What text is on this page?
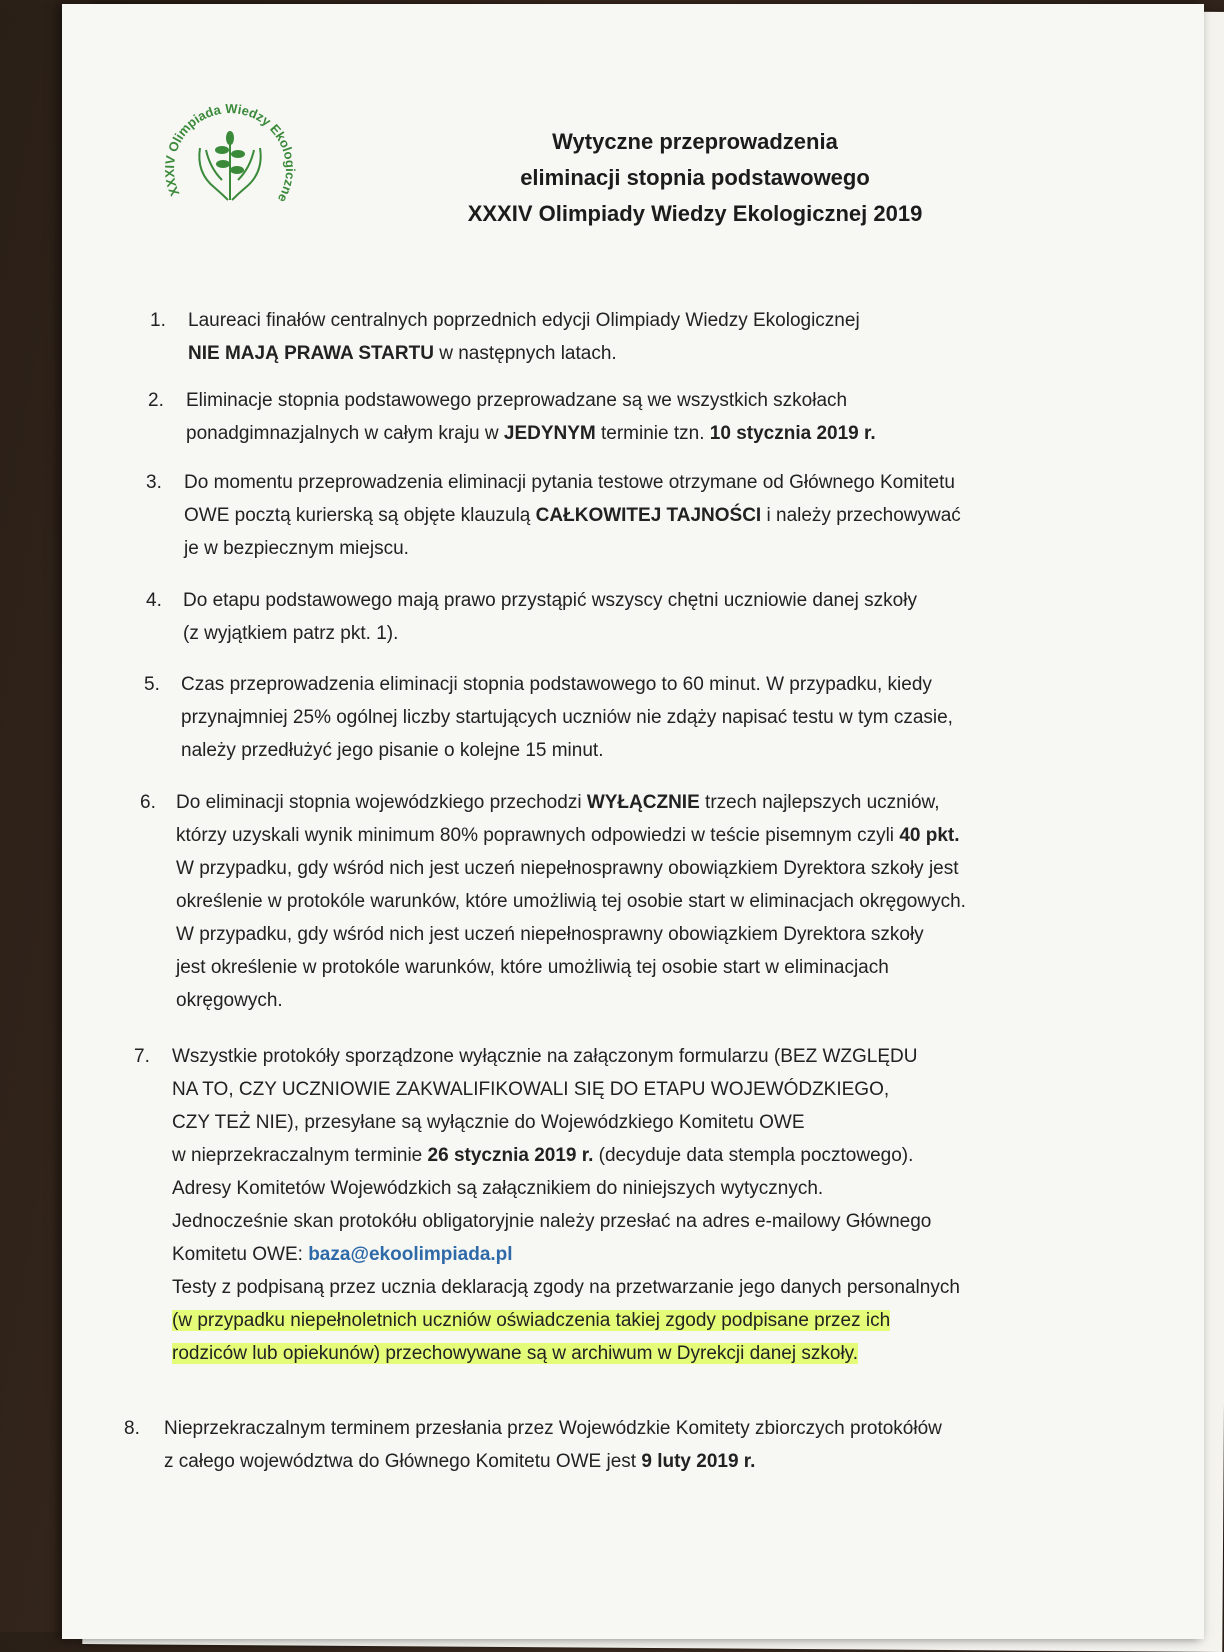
XXXIV Olimpiada Wiedzy Ekologiczne
Wytyczne przeprowadzenia
eliminacji stopnia podstawowego
XXXIV Olimpiady Wiedzy Ekologicznej 2019
1. Laureaci finałów centralnych poprzednich edycji Olimpiady Wiedzy Ekologicznej
NIE MAJĄ PRAWA STARTU w następnych latach.
2. Eliminacje stopnia podstawowego przeprowadzane są we wszystkich szkołach
ponadgimnazjalnych w całym kraju w JEDYNYM terminie tzn. 10 stycznia 2019 r.
3. Do momentu przeprowadzenia eliminacji pytania testowe otrzymane od Głównego Komitetu
OWE pocztą kurierską są objęte klauzulą CAŁKOWITEJ TAJNOŚCI i należy przechowywać
je w bezpiecznym miejscu.
4. Do etapu podstawowego mają prawo przystąpić wszyscy chętni uczniowie danej szkoły
(z wyjątkiem patrz pkt. 1).
5. Czas przeprowadzenia eliminacji stopnia podstawowego to 60 minut. W przypadku, kiedy
przynajmniej 25% ogólnej liczby startujących uczniów nie zdąży napisać testu w tym czasie,
należy przedłużyć jego pisanie o kolejne 15 minut.
6. Do eliminacji stopnia wojewódzkiego przechodzi WYŁĄCZNIE trzech najlepszych uczniów,
którzy uzyskali wynik minimum 80% poprawnych odpowiedzi w teście pisemnym czyli 40 pkt.
W przypadku, gdy wśród nich jest uczeń niepełnosprawny obowiązkiem Dyrektora szkoły jest
określenie w protokóle warunków, które umożliwią tej osobie start w eliminacjach okręgowych.
W przypadku, gdy wśród nich jest uczeń niepełnosprawny obowiązkiem Dyrektora szkoły
jest określenie w protokóle warunków, które umożliwią tej osobie start w eliminacjach
okręgowych.
7. Wszystkie protokóły sporządzone wyłącznie na załączonym formularzu (BEZ WZGLĘDU
NA TO, CZY UCZNIOWIE ZAKWALIFIKOWALI SIĘ DO ETAPU WOJEWÓDZKIEGO,
CZY TEŻ NIE), przesyłane są wyłącznie do Wojewódzkiego Komitetu OWE
w nieprzekraczalnym terminie 26 stycznia 2019 r. (decyduje data stempla pocztowego).
Adresy Komitetów Wojewódzkich są załącznikiem do niniejszych wytycznych.
Jednocześnie skan protokółu obligatoryjnie należy przesłać na adres e-mailowy Głównego
Komitetu OWE: baza@ekoolimpiada.pl
Testy z podpisaną przez ucznia deklaracją zgody na przetwarzanie jego danych personalnych
(w przypadku niepełnoletnich uczniów oświadczenia takiej zgody podpisane przez ich
rodziców lub opiekunów) przechowywane są w archiwum w Dyrekcji danej szkoły.
8. Nieprzekraczalnym terminem przesłania przez Wojewódzkie Komitety zbiorczych protokółów
z całego województwa do Głównego Komitetu OWE jest 9 luty 2019 r.
